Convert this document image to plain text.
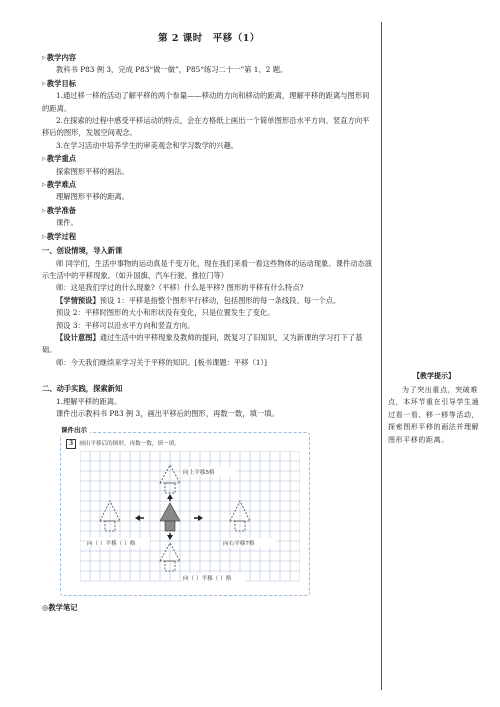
第 2 课时　平移（1）
▷教学内容
教科书 P83 例 3，完成 P83“做一做”，P85“练习二十一”第 1、2 题。
▷教学目标
1.通过移一移的活动了解平移的两个参量——移动的方向和移动的距离，理解平移的距离与图形间的距离。
2.在探索的过程中感受平移运动的特点，会在方格纸上画出一个简单图形沿水平方向、竖直方向平移后的图形，发展空间观念。
3.在学习活动中培养学生的审美观念和学习数学的兴趣。
▷教学重点
探索图形平移的画法。
▷教学难点
理解图形平移的距离。
▷教学准备
课件。
▷教学过程
一、创设情境，导入新课
师 同学们，生活中事物的运动真是千变万化，现在我们来看一看这些物体的运动现象。课件动态演示生活中的平移现象。（如升国旗、汽车行驶、推拉门等）
师：这是我们学过的什么现象?（平移）什么是平移? 图形的平移有什么特点?
【学情预设】预设 1：平移是指整个图形平行移动，包括图形的每一条线段、每一个点。
预设 2：平移时图形的大小和形状没有变化，只是位置发生了变化。
预设 3：平移可以沿水平方向和竖直方向。
【设计意图】通过生活中的平移现象及教师的提问，既复习了旧知识，又为新课的学习打下了基础。
师：今天我们继续来学习关于平移的知识。[板书课题：平移（1）]
二、动手实践，探索新知
1.理解平移的距离。
课件出示教科书 P83 例 3，画出平移后的图形，再数一数，填一填。
课件出示
3 画出平移后的图形，再数一数，填一填。
向上平移5格
向（ ）平移（ ）格	向右平移7格
向（ ）平移（ ）格
◎教学笔记
【教学提示】
为了突出重点，突破难点，本环节重在引导学生通过看一看、移一移等活动，探索图形平移的画法并理解图形平移的距离。
